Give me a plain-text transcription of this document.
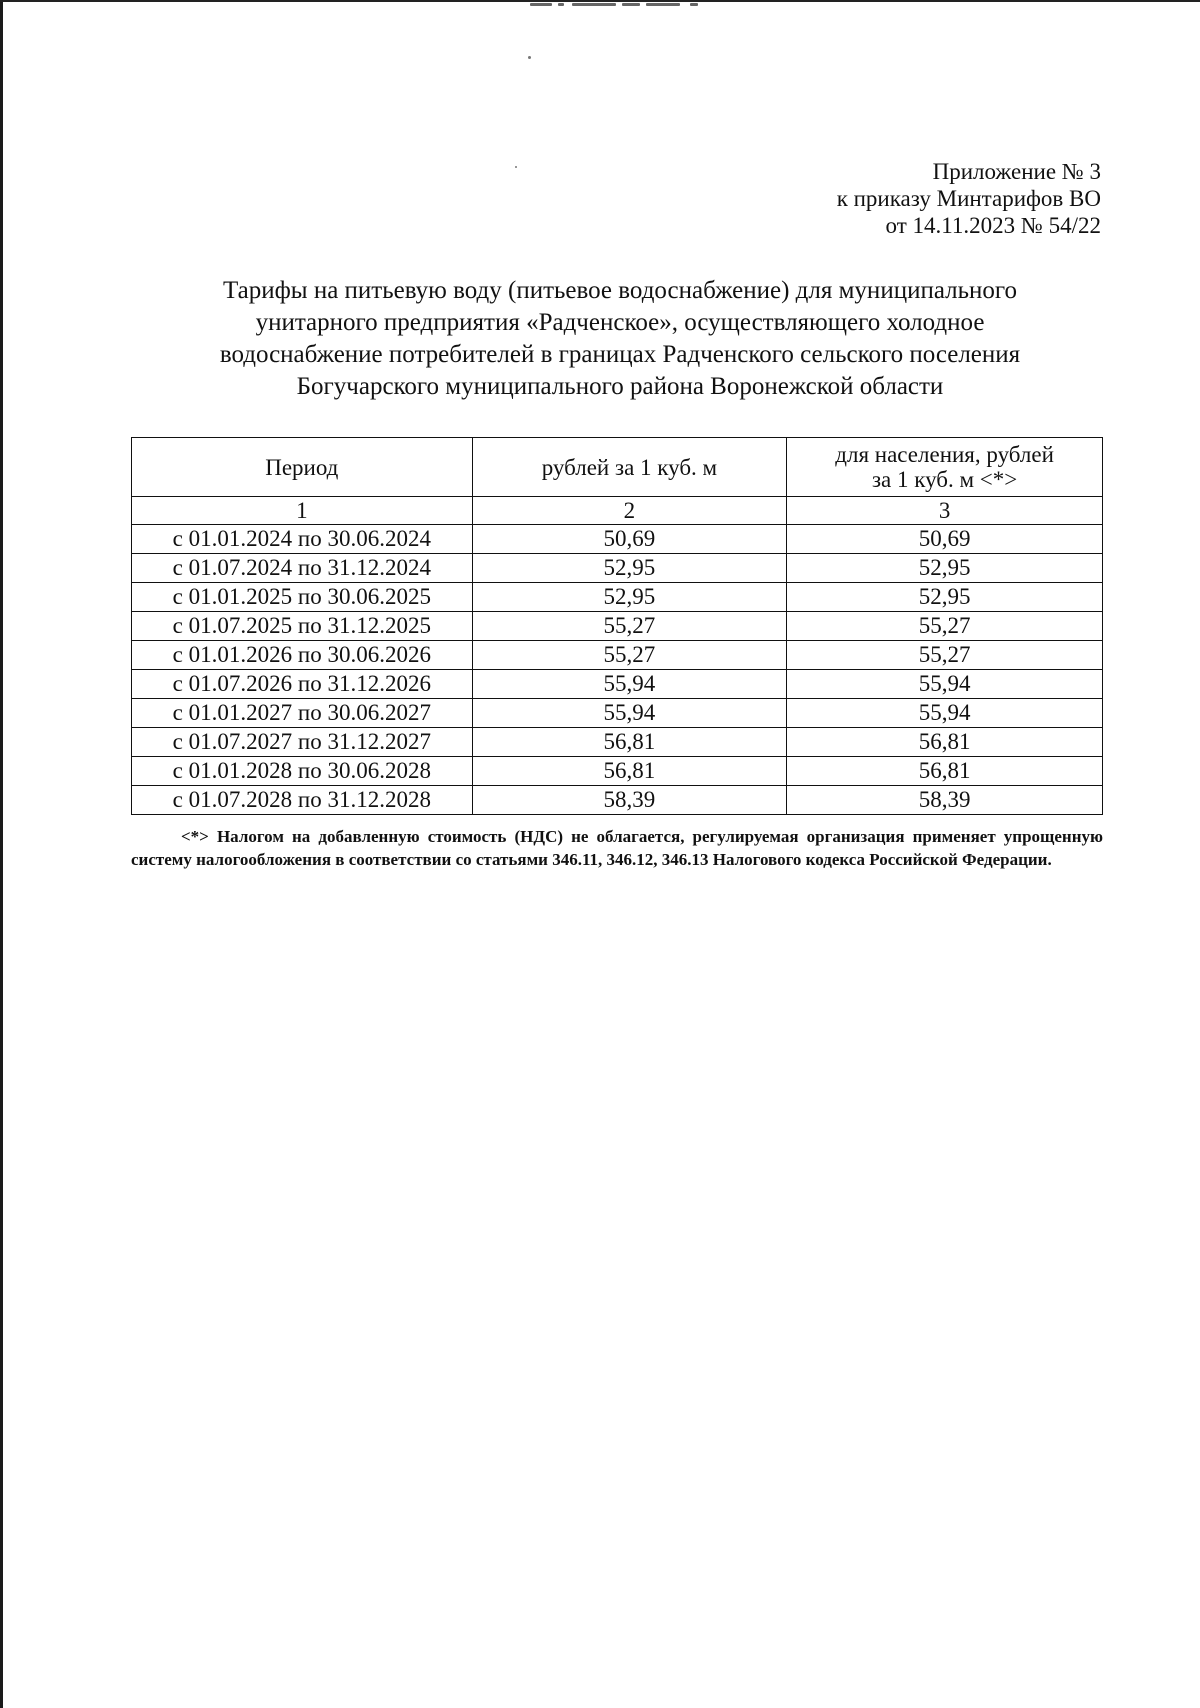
Приложение № 3
к приказу Минтарифов ВО
от 14.11.2023 № 54/22
Тарифы на питьевую воду (питьевое водоснабжение) для муниципального
унитарного предприятия «Радченское», осуществляющего холодное
водоснабжение потребителей в границах Радченского сельского поселения
Богучарского муниципального района Воронежской области
Период	рублей за 1 куб. м	для населения, рублей
за 1 куб. м <*>

1	2	3
с 01.01.2024 по 30.06.2024	50,69	50,69
с 01.07.2024 по 31.12.2024	52,95	52,95
с 01.01.2025 по 30.06.2025	52,95	52,95
с 01.07.2025 по 31.12.2025	55,27	55,27
с 01.01.2026 по 30.06.2026	55,27	55,27
с 01.07.2026 по 31.12.2026	55,94	55,94
с 01.01.2027 по 30.06.2027	55,94	55,94
с 01.07.2027 по 31.12.2027	56,81	56,81
с 01.01.2028 по 30.06.2028	56,81	56,81
с 01.07.2028 по 31.12.2028	58,39	58,39
<*> Налогом на добавленную стоимость (НДС) не облагается, регулируемая организация применяет упрощенную систему налогообложения в соответствии со статьями 346.11, 346.12, 346.13 Налогового кодекса Российской Федерации.
